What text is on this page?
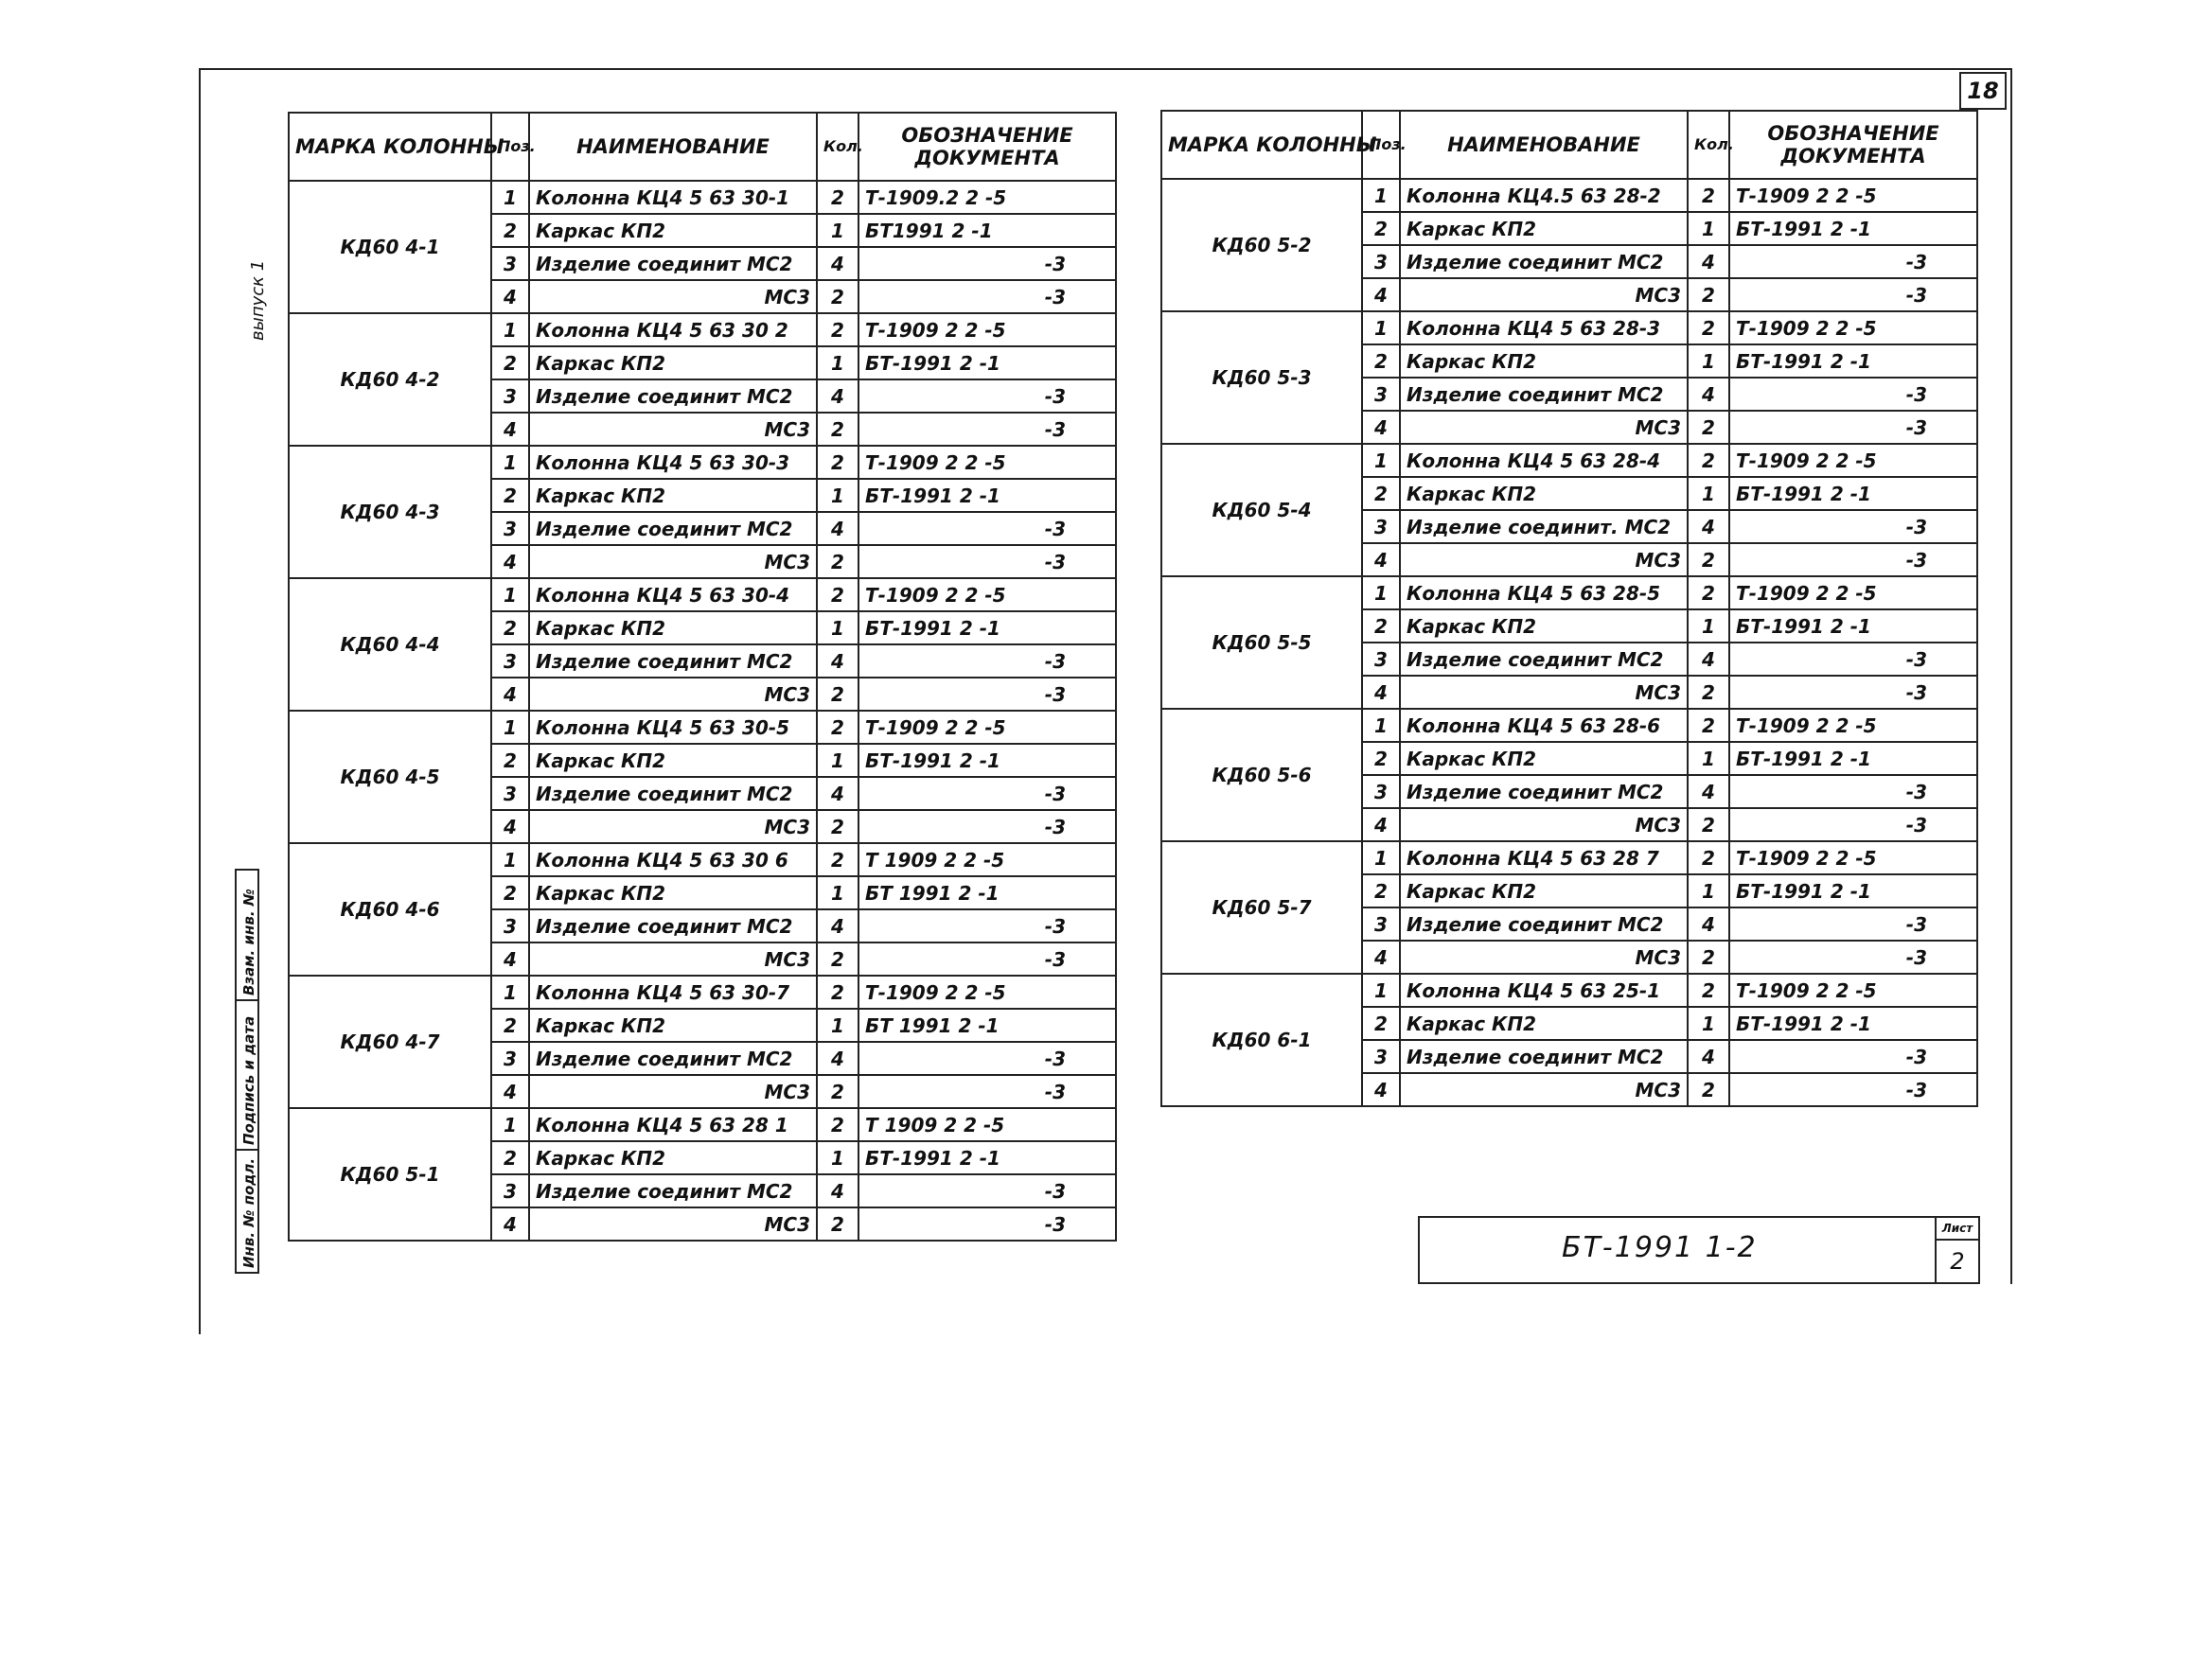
18
выпуск 1
Взам. инв. №
Подпись и дата
Инв. № подл.
МАРКА КОЛОННЫ	Поз.	НАИМЕНОВАНИЕ	Кол.	ОБОЗНАЧЕНИЕ ДОКУМЕНТА
КД60 4-1	1	Колонна КЦ4 5 63 30-1	2	Т-1909.2 2 -5
	2	Каркас КП2	1	БТ1991 2 -1
	3	Изделие соединит МС2	4	-3
	4	МС3	2	-3
КД60 4-2	1	Колонна КЦ4 5 63 30 2	2	Т-1909 2 2 -5
	2	Каркас КП2	1	БТ-1991 2 -1
	3	Изделие соединит МС2	4	-3
	4	МС3	2	-3
КД60 4-3	1	Колонна КЦ4 5 63 30-3	2	Т-1909 2 2 -5
	2	Каркас КП2	1	БТ-1991 2 -1
	3	Изделие соединит МС2	4	-3
	4	МС3	2	-3
КД60 4-4	1	Колонна КЦ4 5 63 30-4	2	Т-1909 2 2 -5
	2	Каркас КП2	1	БТ-1991 2 -1
	3	Изделие соединит МС2	4	-3
	4	МС3	2	-3
КД60 4-5	1	Колонна КЦ4 5 63 30-5	2	Т-1909 2 2 -5
	2	Каркас КП2	1	БТ-1991 2 -1
	3	Изделие соединит МС2	4	-3
	4	МС3	2	-3
КД60 4-6	1	Колонна КЦ4 5 63 30 6	2	Т 1909 2 2 -5
	2	Каркас КП2	1	БТ 1991 2 -1
	3	Изделие соединит МС2	4	-3
	4	МС3	2	-3
КД60 4-7	1	Колонна КЦ4 5 63 30-7	2	Т-1909 2 2 -5
	2	Каркас КП2	1	БТ 1991 2 -1
	3	Изделие соединит МС2	4	-3
	4	МС3	2	-3
КД60 5-1	1	Колонна КЦ4 5 63 28 1	2	Т 1909 2 2 -5
	2	Каркас КП2	1	БТ-1991 2 -1
	3	Изделие соединит МС2	4	-3
	4	МС3	2	-3
МАРКА КОЛОННЫ	Поз.	НАИМЕНОВАНИЕ	Кол.	ОБОЗНАЧЕНИЕ ДОКУМЕНТА
КД60 5-2	1	Колонна КЦ4.5 63 28-2	2	Т-1909 2 2 -5
	2	Каркас КП2	1	БТ-1991 2 -1
	3	Изделие соединит МС2	4	-3
	4	МС3	2	-3
КД60 5-3	1	Колонна КЦ4 5 63 28-3	2	Т-1909 2 2 -5
	2	Каркас КП2	1	БТ-1991 2 -1
	3	Изделие соединит МС2	4	-3
	4	МС3	2	-3
КД60 5-4	1	Колонна КЦ4 5 63 28-4	2	Т-1909 2 2 -5
	2	Каркас КП2	1	БТ-1991 2 -1
	3	Изделие соединит. МС2	4	-3
	4	МС3	2	-3
КД60 5-5	1	Колонна КЦ4 5 63 28-5	2	Т-1909 2 2 -5
	2	Каркас КП2	1	БТ-1991 2 -1
	3	Изделие соединит МС2	4	-3
	4	МС3	2	-3
КД60 5-6	1	Колонна КЦ4 5 63 28-6	2	Т-1909 2 2 -5
	2	Каркас КП2	1	БТ-1991 2 -1
	3	Изделие соединит МС2	4	-3
	4	МС3	2	-3
КД60 5-7	1	Колонна КЦ4 5 63 28 7	2	Т-1909 2 2 -5
	2	Каркас КП2	1	БТ-1991 2 -1
	3	Изделие соединит МС2	4	-3
	4	МС3	2	-3
КД60 6-1	1	Колонна КЦ4 5 63 25-1	2	Т-1909 2 2 -5
	2	Каркас КП2	1	БТ-1991 2 -1
	3	Изделие соединит МС2	4	-3
	4	МС3	2	-3
БТ-1991 1-2
Лист
2
